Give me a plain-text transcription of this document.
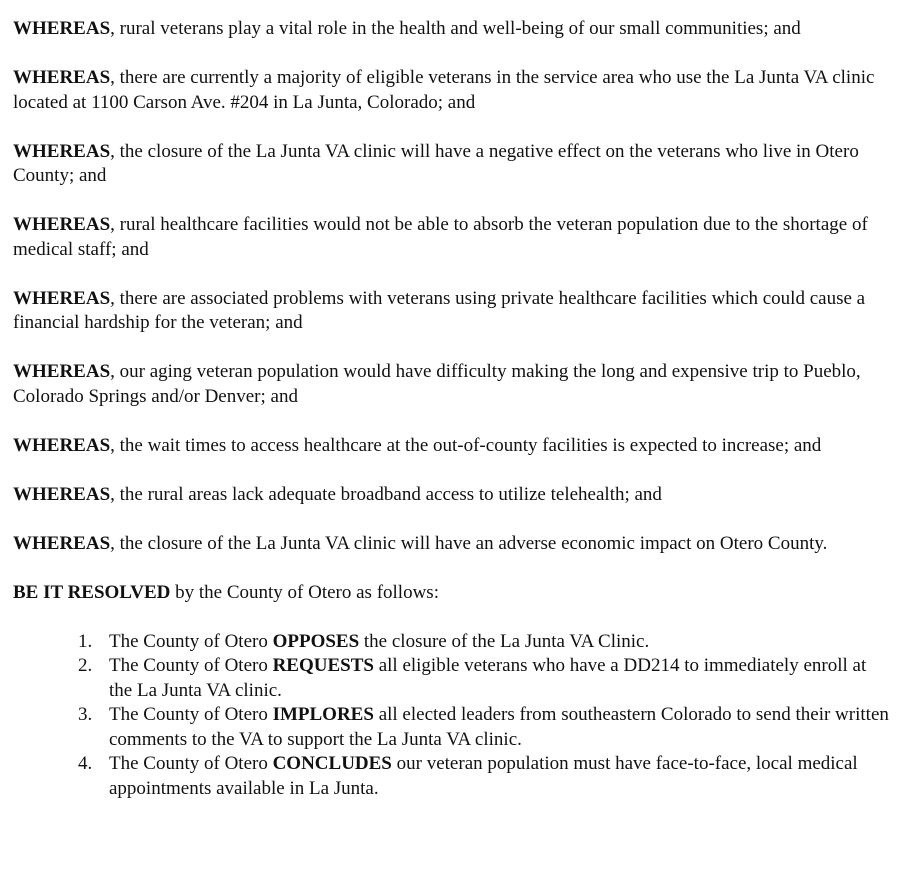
WHEREAS, rural veterans play a vital role in the health and well-being of our small communities; and

WHEREAS, there are currently a majority of eligible veterans in the service area who use the La Junta VA clinic located at 1100 Carson Ave. #204 in La Junta, Colorado; and

WHEREAS, the closure of the La Junta VA clinic will have a negative effect on the veterans who live in Otero County; and

WHEREAS, rural healthcare facilities would not be able to absorb the veteran population due to the shortage of medical staff; and

WHEREAS, there are associated problems with veterans using private healthcare facilities which could cause a financial hardship for the veteran; and

WHEREAS, our aging veteran population would have difficulty making the long and expensive trip to Pueblo, Colorado Springs and/or Denver; and

WHEREAS, the wait times to access healthcare at the out-of-county facilities is expected to increase; and

WHEREAS, the rural areas lack adequate broadband access to utilize telehealth; and

WHEREAS, the closure of the La Junta VA clinic will have an adverse economic impact on Otero County.

BE IT RESOLVED by the County of Otero as follows:

1. The County of Otero OPPOSES the closure of the La Junta VA Clinic.
2. The County of Otero REQUESTS all eligible veterans who have a DD214 to immediately enroll at the La Junta VA clinic.
3. The County of Otero IMPLORES all elected leaders from southeastern Colorado to send their written comments to the VA to support the La Junta VA clinic.
4. The County of Otero CONCLUDES our veteran population must have face-to-face, local medical appointments available in La Junta.
